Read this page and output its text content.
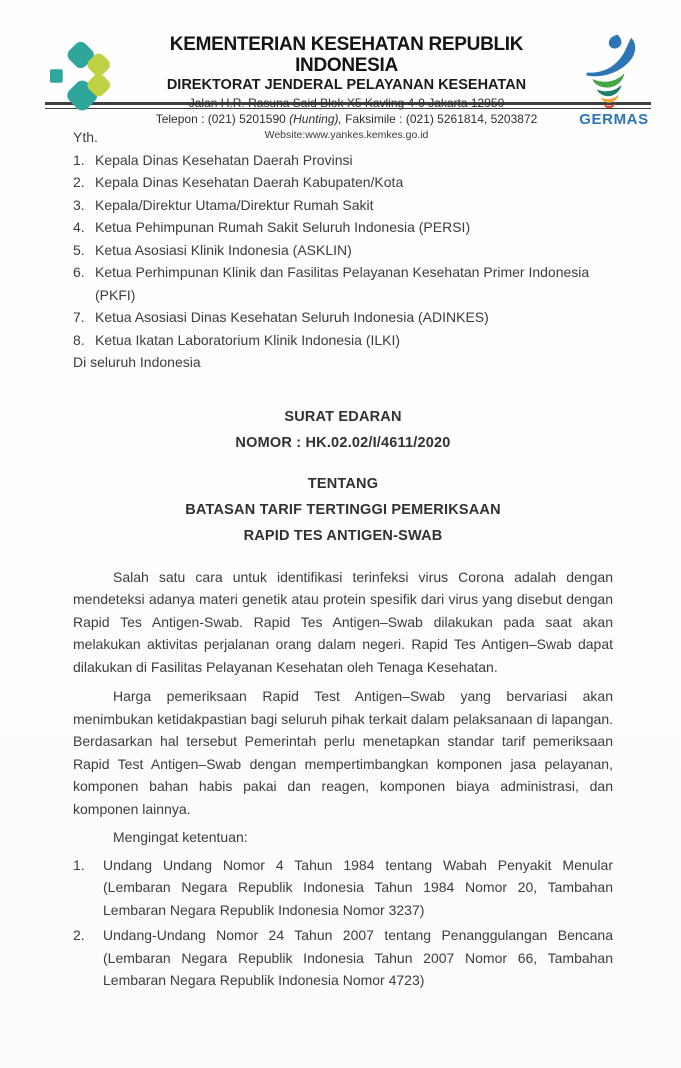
KEMENTERIAN KESEHATAN REPUBLIK INDONESIA
DIREKTORAT JENDERAL PELAYANAN KESEHATAN
Jalan H.R. Rasuna Said Blok X5 Kavling 4-9 Jakarta 12950
Telepon : (021) 5201590 (Hunting), Faksimile : (021) 5261814, 5203872
Website:www.yankes.kemkes.go.id
GERMAS
Yth.
1. Kepala Dinas Kesehatan Daerah Provinsi
2. Kepala Dinas Kesehatan Daerah Kabupaten/Kota
3. Kepala/Direktur Utama/Direktur Rumah Sakit
4. Ketua Pehimpunan Rumah Sakit Seluruh Indonesia (PERSI)
5. Ketua Asosiasi Klinik Indonesia (ASKLIN)
6. Ketua Perhimpunan Klinik dan Fasilitas Pelayanan Kesehatan Primer Indonesia (PKFI)
7. Ketua Asosiasi Dinas Kesehatan Seluruh Indonesia (ADINKES)
8. Ketua Ikatan Laboratorium Klinik Indonesia (ILKI)
Di seluruh Indonesia
SURAT EDARAN
NOMOR : HK.02.02/I/4611/2020
TENTANG
BATASAN TARIF TERTINGGI PEMERIKSAAN
RAPID TES ANTIGEN-SWAB

Salah satu cara untuk identifikasi terinfeksi virus Corona adalah dengan mendeteksi adanya materi genetik atau protein spesifik dari virus yang disebut dengan Rapid Tes Antigen-Swab. Rapid Tes Antigen–Swab dilakukan pada saat akan melakukan aktivitas perjalanan orang dalam negeri. Rapid Tes Antigen–Swab dapat dilakukan di Fasilitas Pelayanan Kesehatan oleh Tenaga Kesehatan.

Harga pemeriksaan Rapid Test Antigen–Swab yang bervariasi akan menimbukan ketidakpastian bagi seluruh pihak terkait dalam pelaksanaan di lapangan. Berdasarkan hal tersebut Pemerintah perlu menetapkan standar tarif pemeriksaan Rapid Test Antigen–Swab dengan mempertimbangkan komponen jasa pelayanan, komponen bahan habis pakai dan reagen, komponen biaya administrasi, dan komponen lainnya.

Mengingat ketentuan:
1.	Undang Undang Nomor 4 Tahun 1984 tentang Wabah Penyakit Menular (Lembaran Negara Republik Indonesia Tahun 1984 Nomor 20, Tambahan Lembaran Negara Republik Indonesia Nomor 3237)
2.	Undang-Undang Nomor 24 Tahun 2007 tentang Penanggulangan Bencana (Lembaran Negara Republik Indonesia Tahun 2007 Nomor 66, Tambahan Lembaran Negara Republik Indonesia Nomor 4723)
